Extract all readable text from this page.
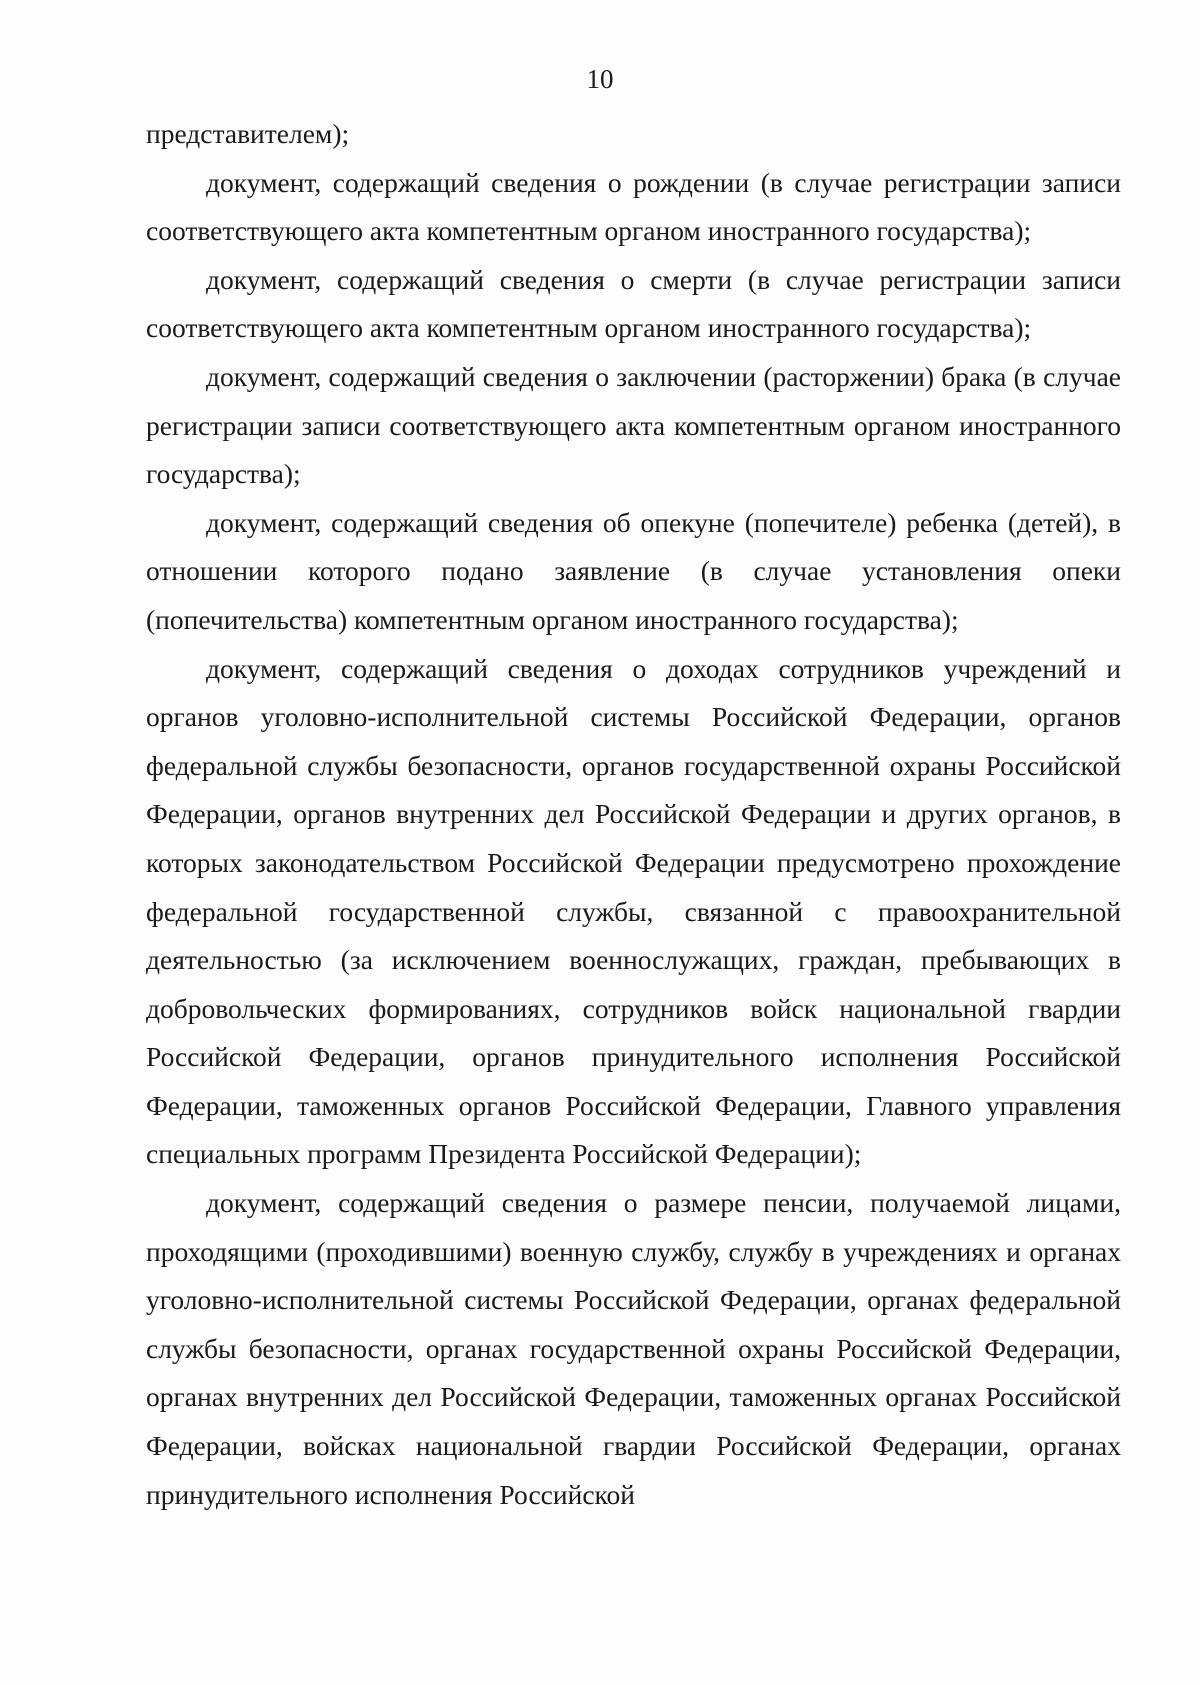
10

представителем);

документ, содержащий сведения о рождении (в случае регистрации записи соответствующего акта компетентным органом иностранного государства);

документ, содержащий сведения о смерти (в случае регистрации записи соответствующего акта компетентным органом иностранного государства);

документ, содержащий сведения о заключении (расторжении) брака (в случае регистрации записи соответствующего акта компетентным органом иностранного государства);

документ, содержащий сведения об опекуне (попечителе) ребенка (детей), в отношении которого подано заявление (в случае установления опеки (попечительства) компетентным органом иностранного государства);

документ, содержащий сведения о доходах сотрудников учреждений и органов уголовно-исполнительной системы Российской Федерации, органов федеральной службы безопасности, органов государственной охраны Российской Федерации, органов внутренних дел Российской Федерации и других органов, в которых законодательством Российской Федерации предусмотрено прохождение федеральной государственной службы, связанной с правоохранительной деятельностью (за исключением военнослужащих, граждан, пребывающих в добровольческих формированиях, сотрудников войск национальной гвардии Российской Федерации, органов принудительного исполнения Российской Федерации, таможенных органов Российской Федерации, Главного управления специальных программ Президента Российской Федерации);

документ, содержащий сведения о размере пенсии, получаемой лицами, проходящими (проходившими) военную службу, службу в учреждениях и органах уголовно-исполнительной системы Российской Федерации, органах федеральной службы безопасности, органах государственной охраны Российской Федерации, органах внутренних дел Российской Федерации, таможенных органах Российской Федерации, войсках национальной гвардии Российской Федерации, органах принудительного исполнения Российской
